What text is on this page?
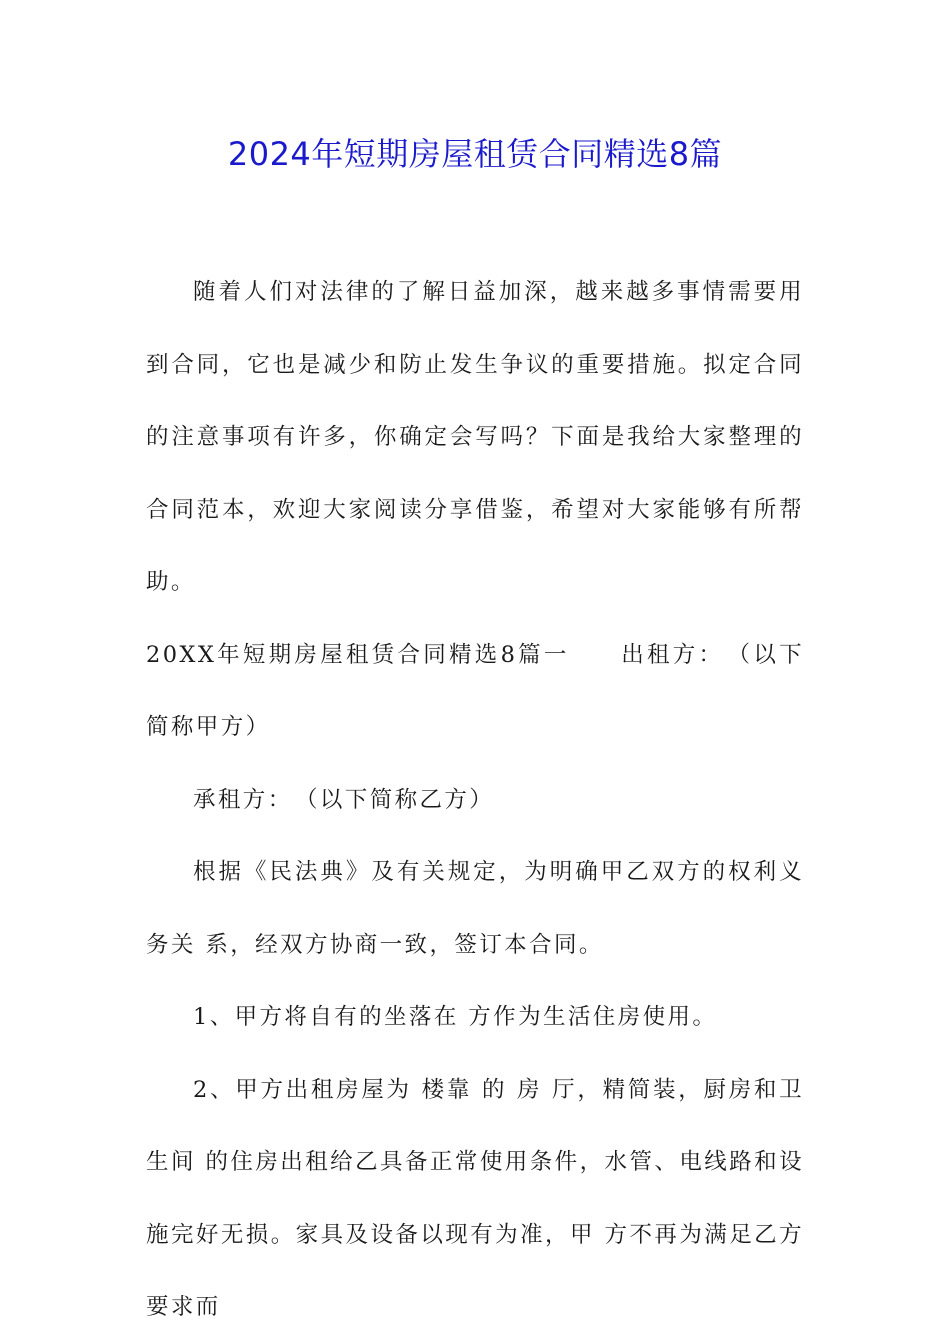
2024年短期房屋租赁合同精选8篇

随着人们对法律的了解日益加深，越来越多事情需要用到合同，它也是减少和防止发生争议的重要措施。拟定合同的注意事项有许多，你确定会写吗？下面是我给大家整理的合同范本，欢迎大家阅读分享借鉴，希望对大家能够有所帮助。

20XX年短期房屋租赁合同精选8篇一　　出租方：　（以下简称甲方）

承租方：　（以下简称乙方）

根据《民法典》及有关规定，为明确甲乙双方的权利义务关 系，经双方协商一致，签订本合同。

1、甲方将自有的坐落在 方作为生活住房使用。

2、甲方出租房屋为 楼靠 的 房 厅，精简装，厨房和卫生间 的住房出租给乙具备正常使用条件，水管、电线路和设施完好无损。家具及设备以现有为准，甲 方不再为满足乙方要求而
